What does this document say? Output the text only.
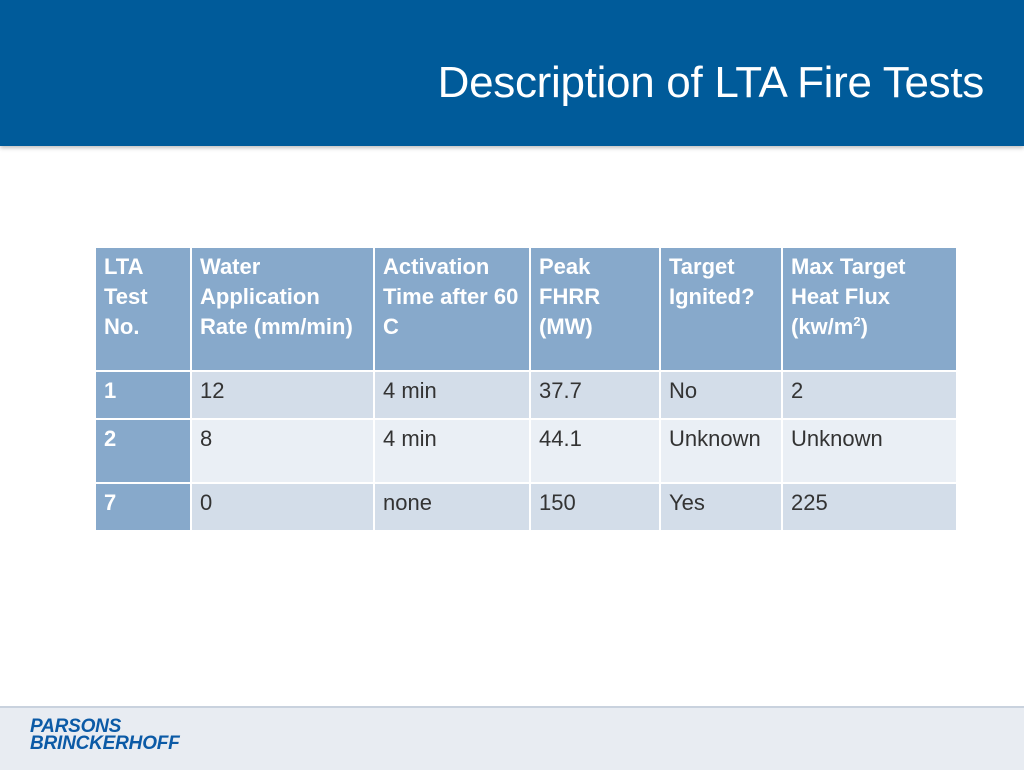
Description of LTA Fire Tests
LTA Test No.	Water Application Rate (mm/min)	Activation Time after 60 C	Peak FHRR (MW)	Target Ignited?	Max Target Heat Flux $(kw/m^2)$
1	12	4 min	37.7	No	2
2	8	4 min	44.1	Unknown	Unknown
7	0	none	150	Yes	225
PARSONS
BRINCKERHOFF
